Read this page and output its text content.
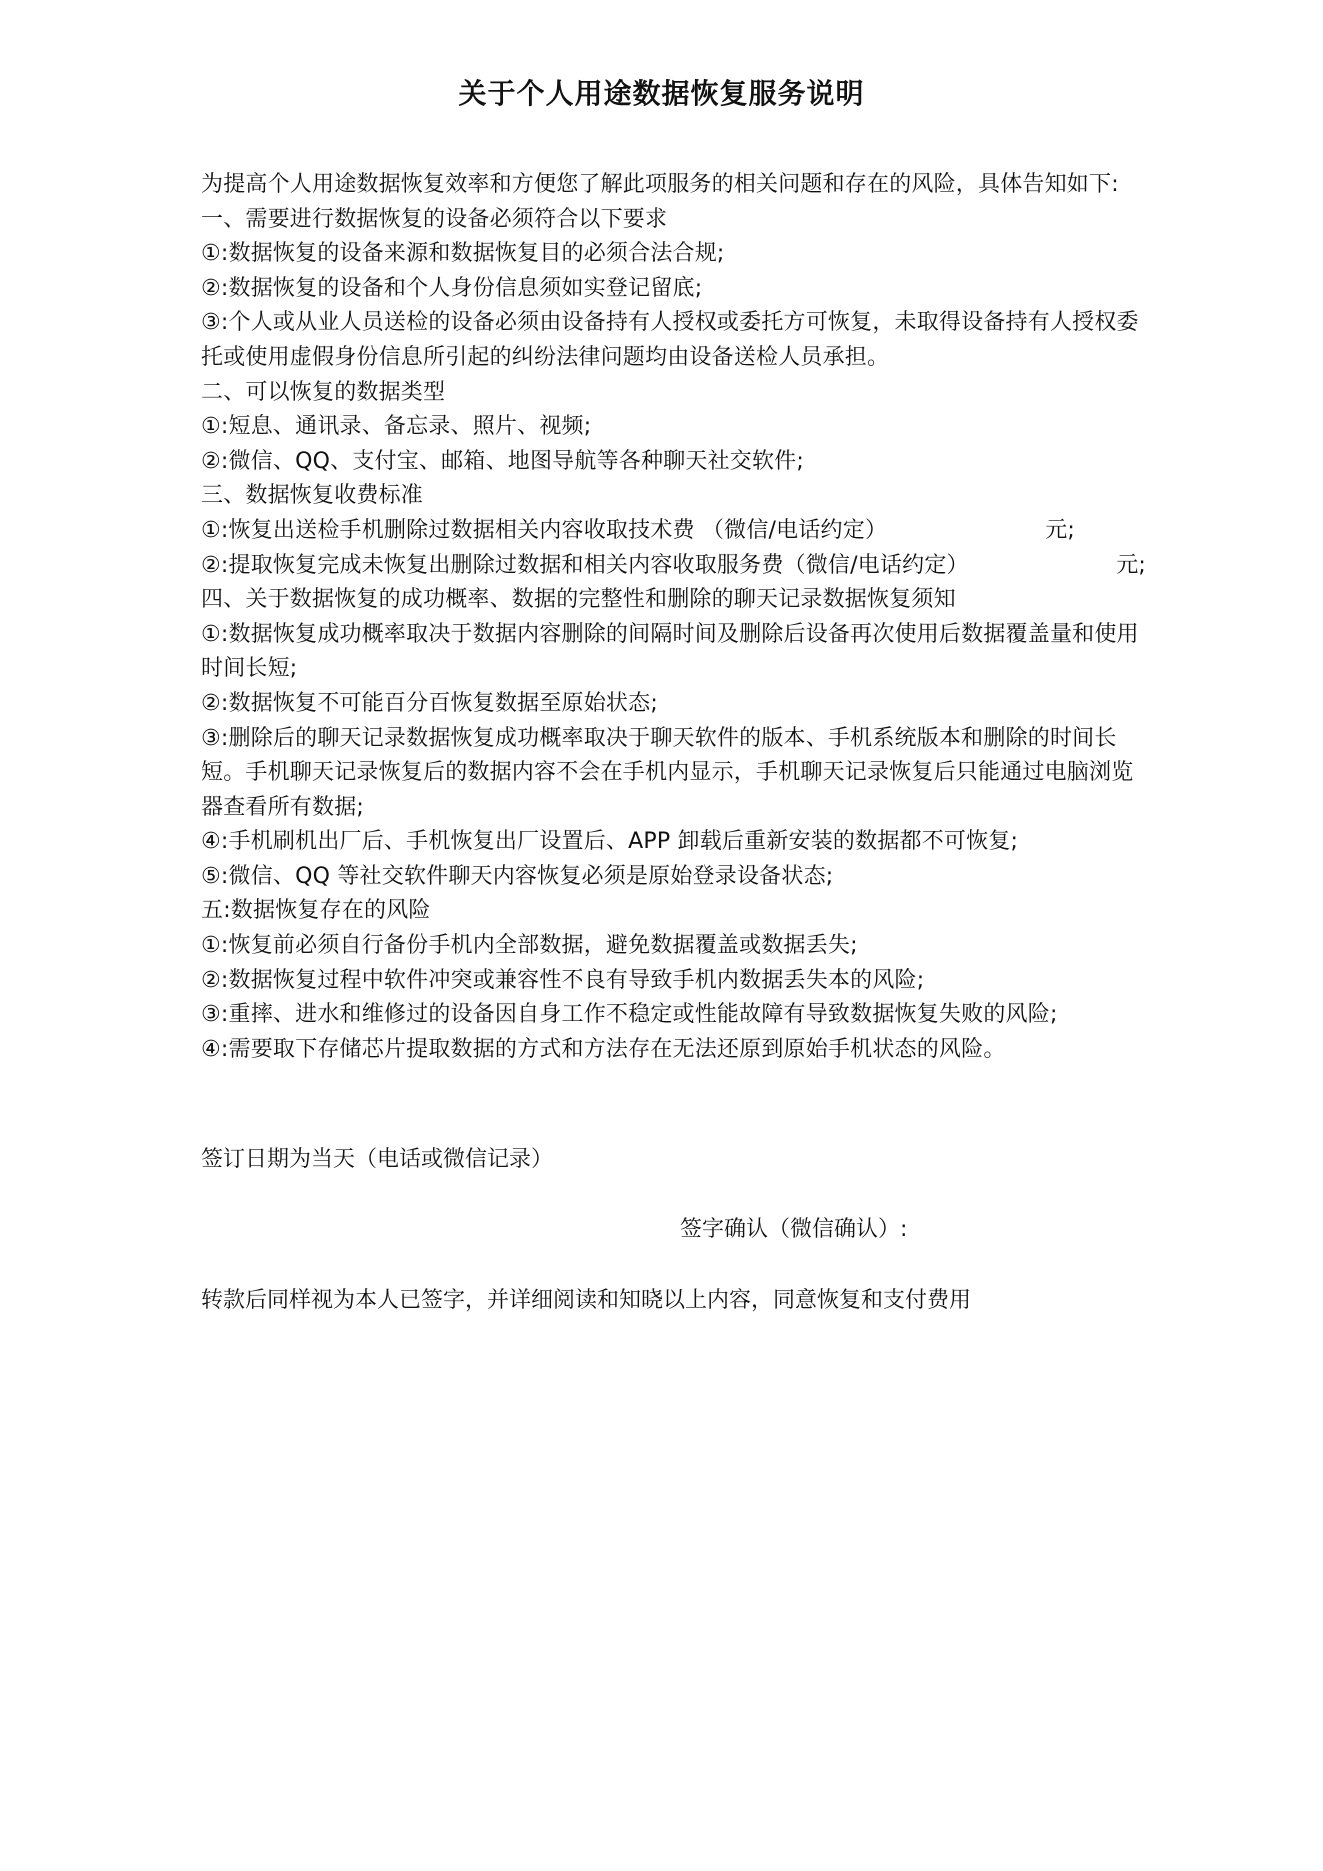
关于个人用途数据恢复服务说明

为提高个人用途数据恢复效率和方便您了解此项服务的相关问题和存在的风险，具体告知如下:

一、需要进行数据恢复的设备必须符合以下要求

①:数据恢复的设备来源和数据恢复目的必须合法合规;

②:数据恢复的设备和个人身份信息须如实登记留底;

③:个人或从业人员送检的设备必须由设备持有人授权或委托方可恢复，未取得设备持有人授权委托或使用虚假身份信息所引起的纠纷法律问题均由设备送检人员承担。

二、可以恢复的数据类型

①:短息、通讯录、备忘录、照片、视频;

②:微信、QQ、支付宝、邮箱、地图导航等各种聊天社交软件;

三、数据恢复收费标准

①:恢复出送检手机删除过数据相关内容收取技术费 （微信/电话约定）	元;

②:提取恢复完成未恢复出删除过数据和相关内容收取服务费（微信/电话约定）	元;

四、关于数据恢复的成功概率、数据的完整性和删除的聊天记录数据恢复须知

①:数据恢复成功概率取决于数据内容删除的间隔时间及删除后设备再次使用后数据覆盖量和使用时间长短;

②:数据恢复不可能百分百恢复数据至原始状态;

③:删除后的聊天记录数据恢复成功概率取决于聊天软件的版本、手机系统版本和删除的时间长短。手机聊天记录恢复后的数据内容不会在手机内显示，手机聊天记录恢复后只能通过电脑浏览器查看所有数据;

④:手机刷机出厂后、手机恢复出厂设置后、APP 卸载后重新安装的数据都不可恢复;

⑤:微信、QQ 等社交软件聊天内容恢复必须是原始登录设备状态;

五:数据恢复存在的风险

①:恢复前必须自行备份手机内全部数据，避免数据覆盖或数据丢失;

②:数据恢复过程中软件冲突或兼容性不良有导致手机内数据丢失本的风险;

③:重摔、进水和维修过的设备因自身工作不稳定或性能故障有导致数据恢复失败的风险;

④:需要取下存储芯片提取数据的方式和方法存在无法还原到原始手机状态的风险。

签订日期为当天（电话或微信记录）

签字确认（微信确认）:

转款后同样视为本人已签字，并详细阅读和知晓以上内容，同意恢复和支付费用
